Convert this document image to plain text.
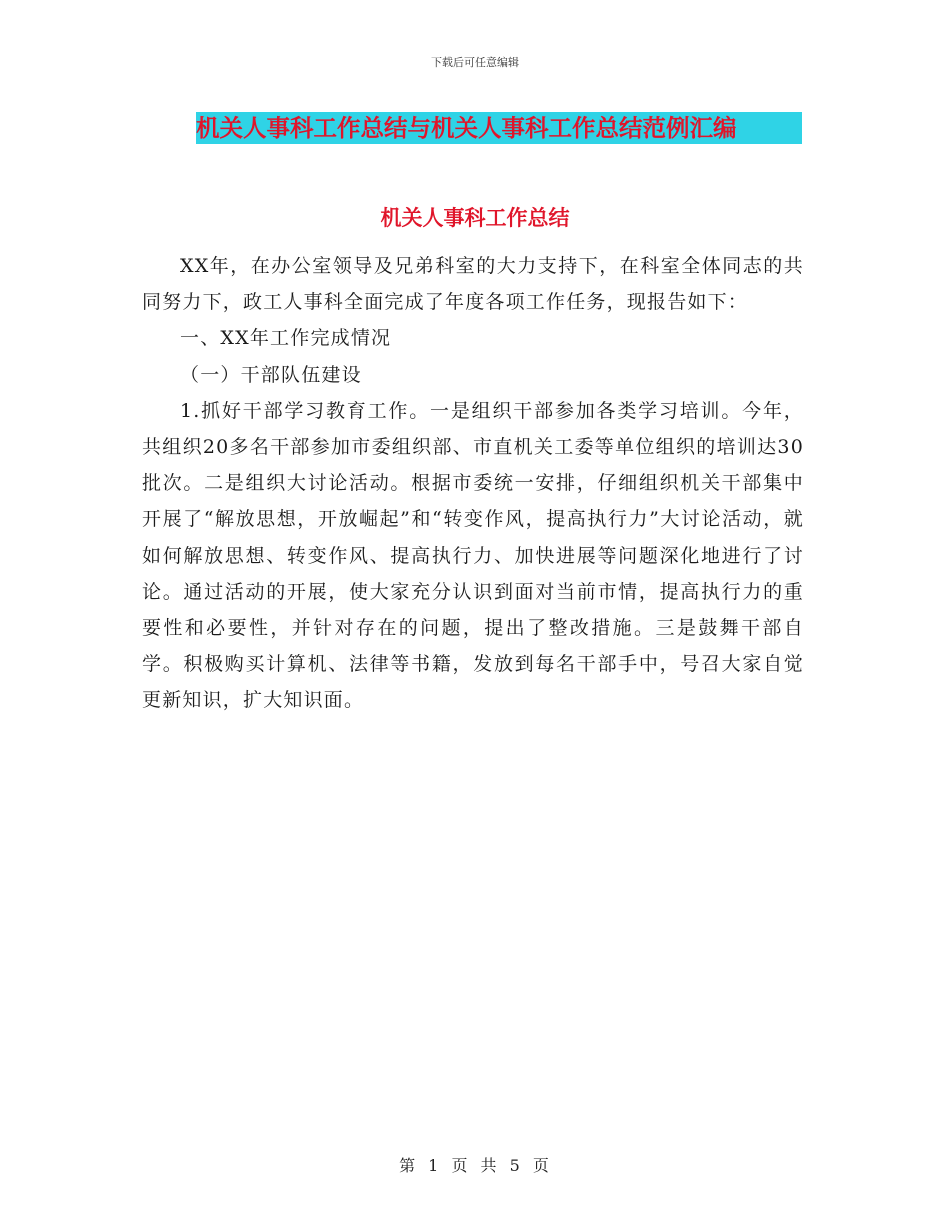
下载后可任意编辑
机关人事科工作总结与机关人事科工作总结范例汇编
机关人事科工作总结

XX年，在办公室领导及兄弟科室的大力支持下，在科室全体同志的共同努力下，政工人事科全面完成了年度各项工作任务，现报告如下：

一、XX年工作完成情况

（一）干部队伍建设

1.抓好干部学习教育工作。一是组织干部参加各类学习培训。今年，共组织20多名干部参加市委组织部、市直机关工委等单位组织的培训达30批次。二是组织大讨论活动。根据市委统一安排，仔细组织机关干部集中开展了“解放思想，开放崛起”和“转变作风，提高执行力”大讨论活动，就如何解放思想、转变作风、提高执行力、加快进展等问题深化地进行了讨论。通过活动的开展，使大家充分认识到面对当前市情，提高执行力的重要性和必要性，并针对存在的问题，提出了整改措施。三是鼓舞干部自学。积极购买计算机、法律等书籍，发放到每名干部手中，号召大家自觉更新知识，扩大知识面。

第 1 页 共 5 页
